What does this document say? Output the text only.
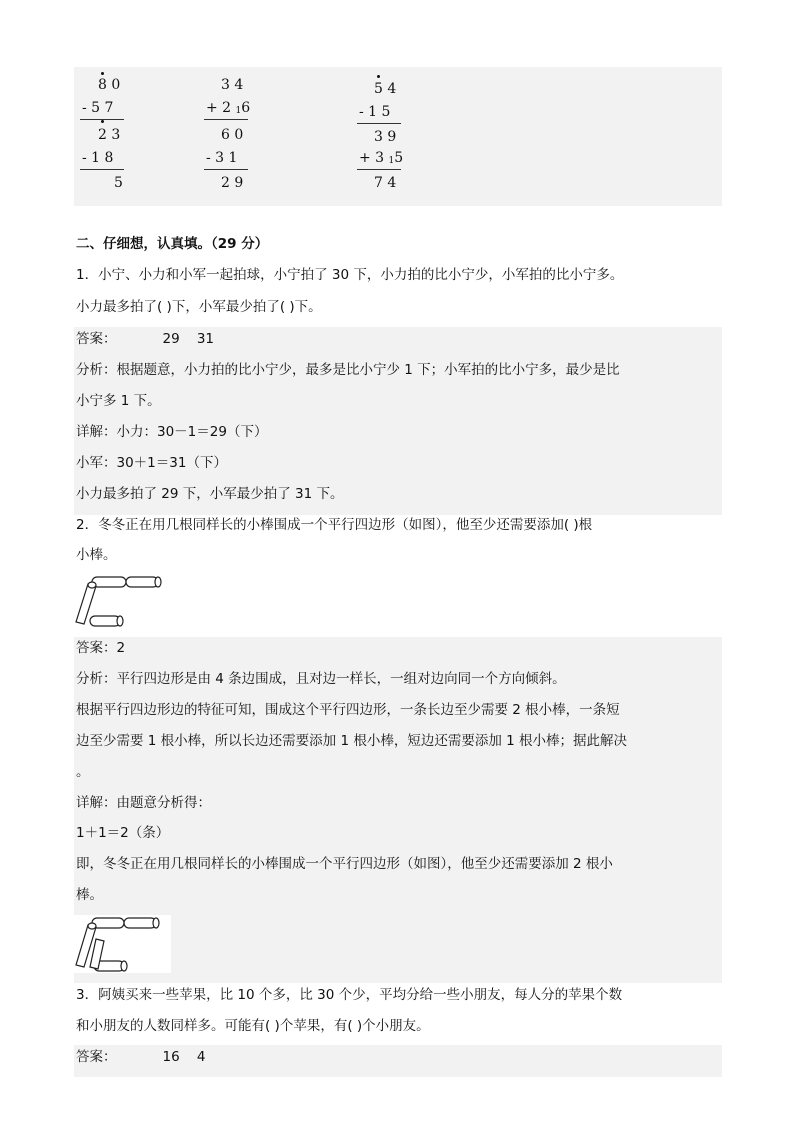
8 0
- 5 7
2 3
- 1 8
5
3 4
+ 2 16
6 0
- 3 1
2 9
5 4
- 1 5
3 9
+ 3 15
7 4
二、仔细想，认真填。（29 分）
1．小宁、小力和小军一起拍球，小宁拍了 30 下，小力拍的比小宁少，小军拍的比小宁多。
小力最多拍了( )下，小军最少拍了( )下。
答案：	29    31
分析：根据题意，小力拍的比小宁少，最多是比小宁少 1 下；小军拍的比小宁多，最少是比
小宁多 1 下。
详解：小力：30－1＝29（下）
小军：30＋1＝31（下）
小力最多拍了 29 下，小军最少拍了 31 下。
2．冬冬正在用几根同样长的小棒围成一个平行四边形（如图），他至少还需要添加( )根
小棒。
答案：2
分析：平行四边形是由 4 条边围成，且对边一样长，一组对边向同一个方向倾斜。
根据平行四边形边的特征可知，围成这个平行四边形，一条长边至少需要 2 根小棒，一条短
边至少需要 1 根小棒，所以长边还需要添加 1 根小棒，短边还需要添加 1 根小棒；据此解决
。
详解：由题意分析得：
1＋1＝2（条）
即，冬冬正在用几根同样长的小棒围成一个平行四边形（如图），他至少还需要添加 2 根小
棒。
3．阿姨买来一些苹果，比 10 个多，比 30 个少，平均分给一些小朋友，每人分的苹果个数
和小朋友的人数同样多。可能有( )个苹果，有( )个小朋友。
答案：	16    4
